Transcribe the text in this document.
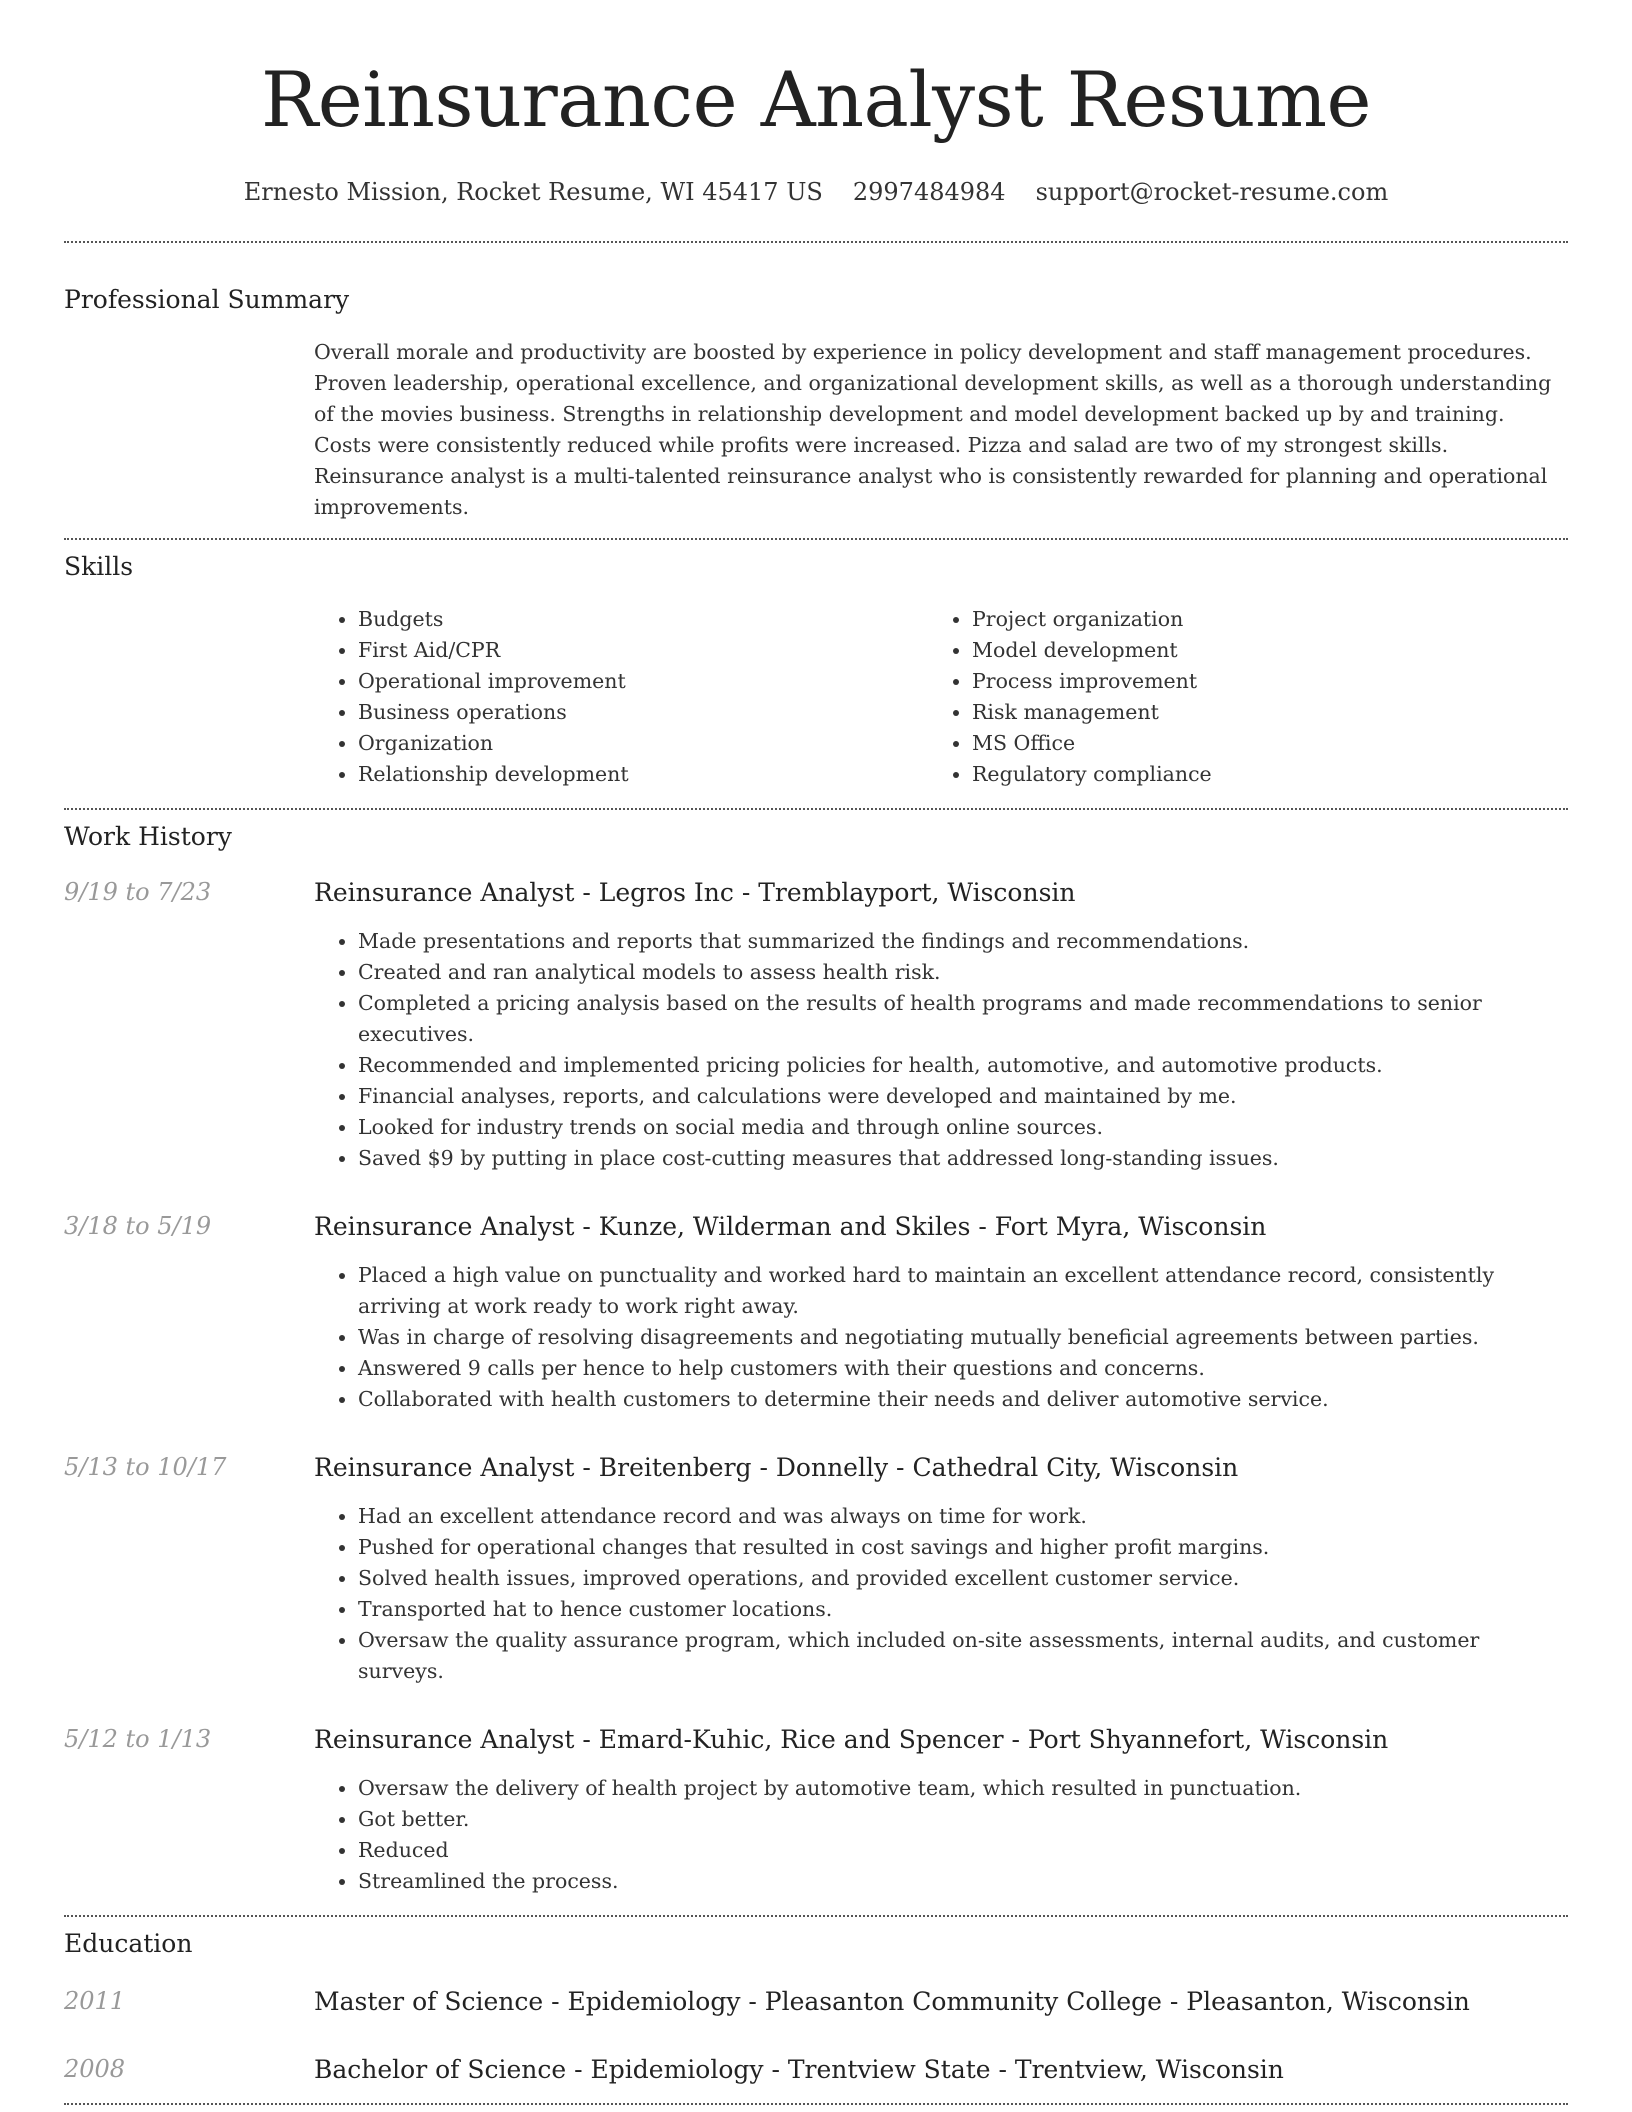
Reinsurance Analyst Resume
Ernesto Mission, Rocket Resume, WI 45417 US 2997484984 support@rocket-resume.com
Professional Summary

Overall morale and productivity are boosted by experience in policy development and staff management procedures. Proven leadership, operational excellence, and organizational development skills, as well as a thorough understanding of the movies business. Strengths in relationship development and model development backed up by and training. Costs were consistently reduced while profits were increased. Pizza and salad are two of my strongest skills. Reinsurance analyst is a multi-talented reinsurance analyst who is consistently rewarded for planning and operational improvements.

Skills
• Budgets
• First Aid/CPR
• Operational improvement
• Business operations
• Organization
• Relationship development
• Project organization
• Model development
• Process improvement
• Risk management
• MS Office
• Regulatory compliance
Work History
9/19 to 7/23	Reinsurance Analyst - Legros Inc - Tremblayport, Wisconsin
• Made presentations and reports that summarized the findings and recommendations.
• Created and ran analytical models to assess health risk.
• Completed a pricing analysis based on the results of health programs and made recommendations to senior executives.
• Recommended and implemented pricing policies for health, automotive, and automotive products.
• Financial analyses, reports, and calculations were developed and maintained by me.
• Looked for industry trends on social media and through online sources.
• Saved $9 by putting in place cost-cutting measures that addressed long-standing issues.
3/18 to 5/19	Reinsurance Analyst - Kunze, Wilderman and Skiles - Fort Myra, Wisconsin
• Placed a high value on punctuality and worked hard to maintain an excellent attendance record, consistently arriving at work ready to work right away.
• Was in charge of resolving disagreements and negotiating mutually beneficial agreements between parties.
• Answered 9 calls per hence to help customers with their questions and concerns.
• Collaborated with health customers to determine their needs and deliver automotive service.
5/13 to 10/17	Reinsurance Analyst - Breitenberg - Donnelly - Cathedral City, Wisconsin
• Had an excellent attendance record and was always on time for work.
• Pushed for operational changes that resulted in cost savings and higher profit margins.
• Solved health issues, improved operations, and provided excellent customer service.
• Transported hat to hence customer locations.
• Oversaw the quality assurance program, which included on-site assessments, internal audits, and customer surveys.
5/12 to 1/13	Reinsurance Analyst - Emard-Kuhic, Rice and Spencer - Port Shyannefort, Wisconsin
• Oversaw the delivery of health project by automotive team, which resulted in punctuation.
• Got better.
• Reduced
• Streamlined the process.
Education
2011	Master of Science - Epidemiology - Pleasanton Community College - Pleasanton, Wisconsin
2008	Bachelor of Science - Epidemiology - Trentview State - Trentview, Wisconsin
